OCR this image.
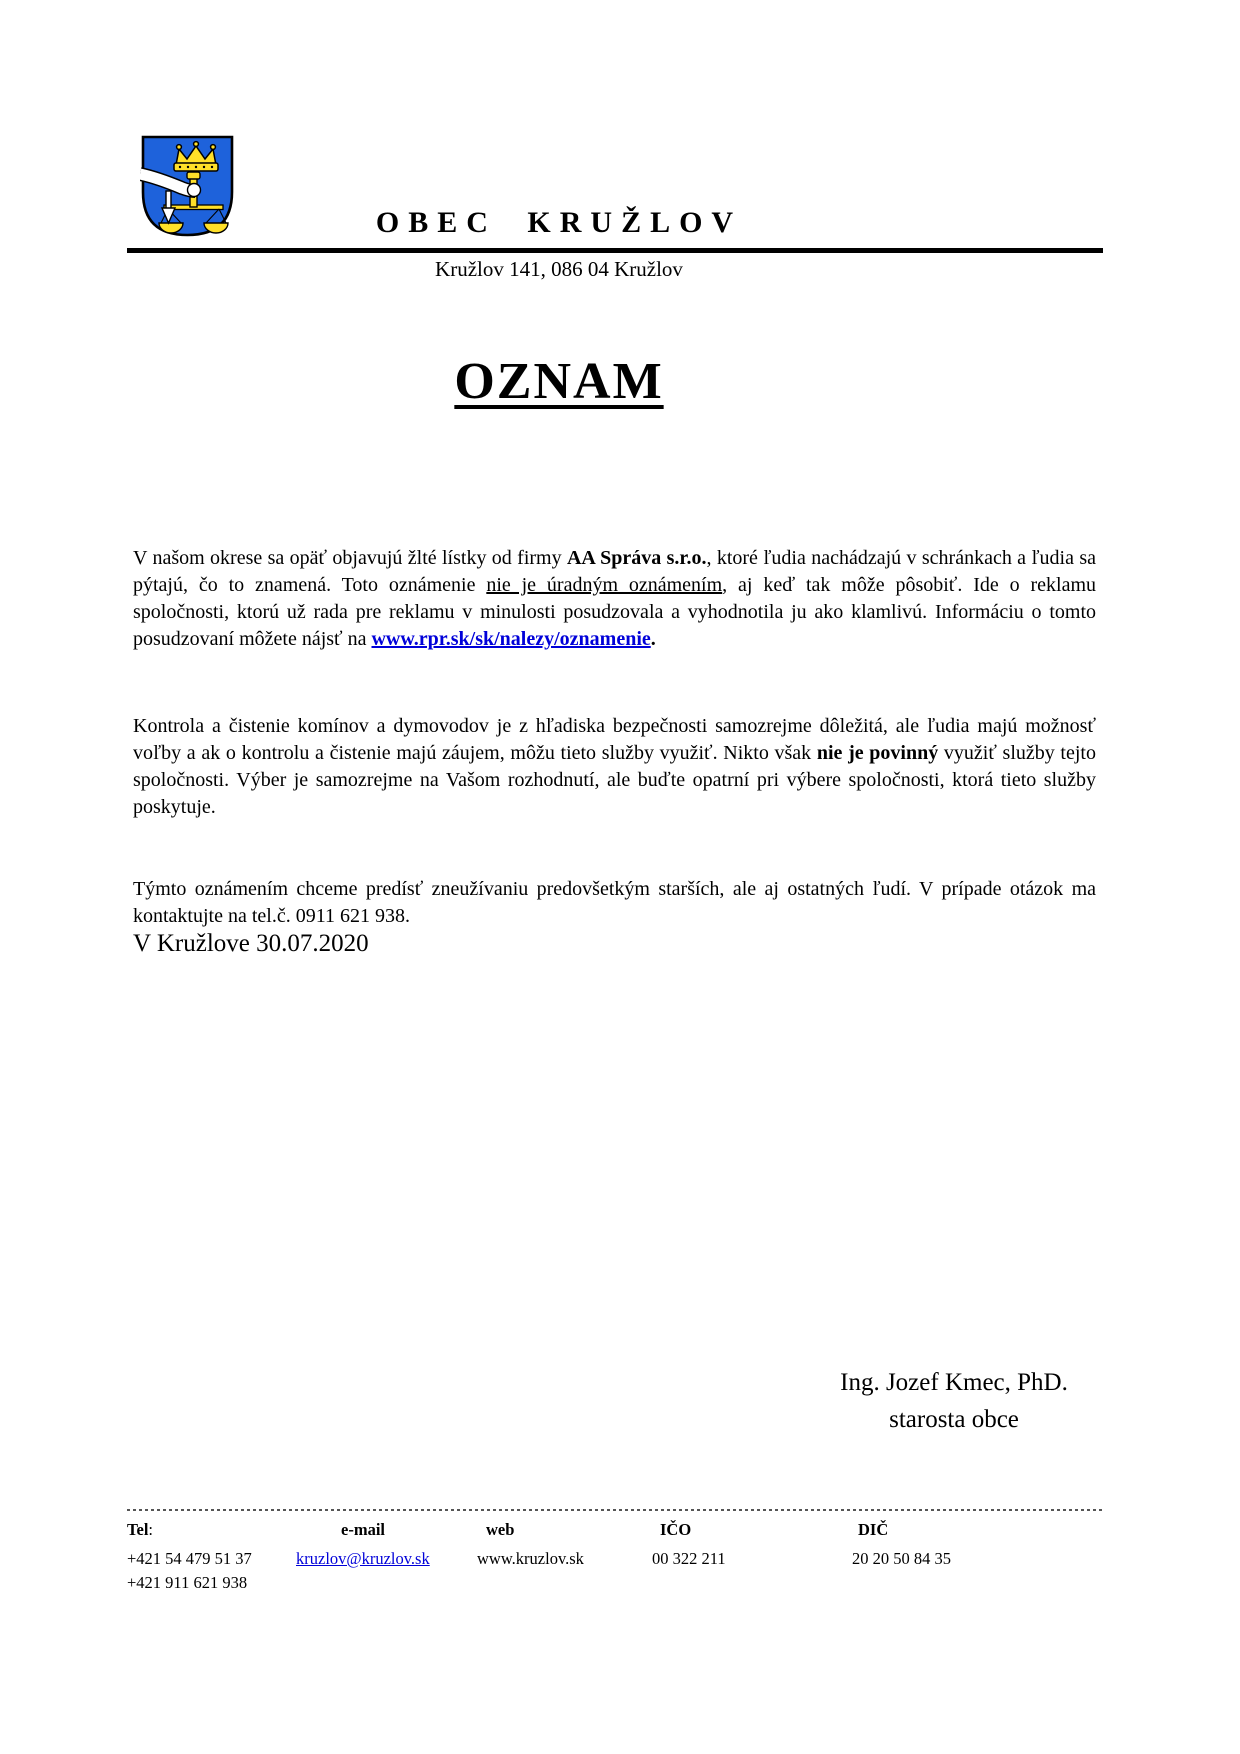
OBEC KRUŽLOV
Kružlov 141, 086 04 Kružlov
OZNAM

V našom okrese sa opäť objavujú žlté lístky od firmy AA Správa s.r.o., ktoré ľudia nachádzajú v schránkach a ľudia sa pýtajú, čo to znamená. Toto oznámenie nie je úradným oznámením, aj keď tak môže pôsobiť. Ide o reklamu spoločnosti, ktorú už rada pre reklamu v minulosti posudzovala a vyhodnotila ju ako klamlivú. Informáciu o tomto posudzovaní môžete nájsť na www.rpr.sk/sk/nalezy/oznamenie.

Kontrola a čistenie komínov a dymovodov je z hľadiska bezpečnosti samozrejme dôležitá, ale ľudia majú možnosť voľby a ak o kontrolu a čistenie majú záujem, môžu tieto služby využiť. Nikto však nie je povinný využiť služby tejto spoločnosti. Výber je samozrejme na Vašom rozhodnutí, ale buďte opatrní pri výbere spoločnosti, ktorá tieto služby poskytuje.

Týmto oznámením chceme predísť zneužívaniu predovšetkým starších, ale aj ostatných ľudí. V prípade otázok ma kontaktujte na tel.č. 0911 621 938.

V Kružlove 30.07.2020

Ing. Jozef Kmec, PhD.
starosta obce
Tel:
+421 54 479 51 37
+421 911 621 938
e-mail
kruzlov@kruzlov.sk
web
www.kruzlov.sk
IČO
00 322 211
DIČ
20 20 50 84 35
